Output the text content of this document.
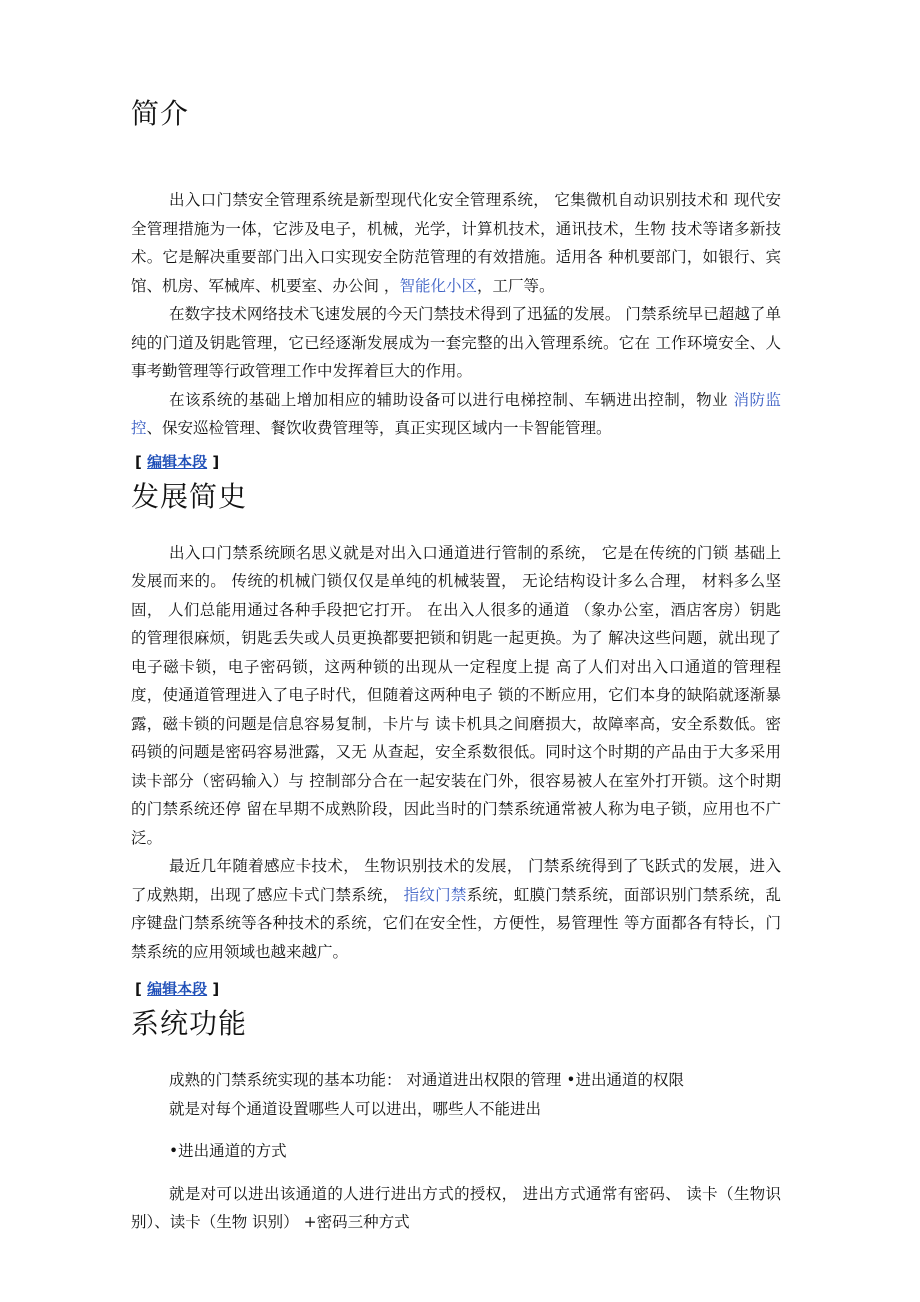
简介

出入口门禁安全管理系统是新型现代化安全管理系统， 它集微机自动识别技术和 现代安全管理措施为一体，它涉及电子，机械，光学，计算机技术，通讯技术，生物 技术等诸多新技术。它是解决重要部门出入口实现安全防范管理的有效措施。适用各 种机要部门，如银行、宾馆、机房、军械库、机要室、办公间 ，智能化小区，工厂等。

在数字技术网络技术飞速发展的今天门禁技术得到了迅猛的发展。 门禁系统早已超越了单纯的门道及钥匙管理，它已经逐渐发展成为一套完整的出入管理系统。它在 工作环境安全、人事考勤管理等行政管理工作中发挥着巨大的作用。

在该系统的基础上增加相应的辅助设备可以进行电梯控制、车辆进出控制，物业 消防监控、保安巡检管理、餐饮收费管理等，真正实现区域内一卡智能管理。

[ 编辑本段 ]
发展简史

出入口门禁系统顾名思义就是对出入口通道进行管制的系统， 它是在传统的门锁 基础上发展而来的。 传统的机械门锁仅仅是单纯的机械装置， 无论结构设计多么合理， 材料多么坚固， 人们总能用通过各种手段把它打开。 在出入人很多的通道 （象办公室，酒店客房）钥匙的管理很麻烦，钥匙丢失或人员更换都要把锁和钥匙一起更换。为了 解决这些问题，就出现了电子磁卡锁，电子密码锁，这两种锁的出现从一定程度上提 高了人们对出入口通道的管理程度，使通道管理进入了电子时代，但随着这两种电子 锁的不断应用，它们本身的缺陷就逐渐暴露，磁卡锁的问题是信息容易复制，卡片与 读卡机具之间磨损大，故障率高，安全系数低。密码锁的问题是密码容易泄露，又无 从查起，安全系数很低。同时这个时期的产品由于大多采用读卡部分（密码输入）与 控制部分合在一起安装在门外，很容易被人在室外打开锁。这个时期的门禁系统还停 留在早期不成熟阶段，因此当时的门禁系统通常被人称为电子锁，应用也不广泛。

最近几年随着感应卡技术， 生物识别技术的发展， 门禁系统得到了飞跃式的发展，进入了成熟期，出现了感应卡式门禁系统， 指纹门禁系统，虹膜门禁系统，面部识别门禁系统，乱序键盘门禁系统等各种技术的系统，它们在安全性，方便性，易管理性 等方面都各有特长，门禁系统的应用领域也越来越广。

[ 编辑本段 ]
系统功能

成熟的门禁系统实现的基本功能： 对通道进出权限的管理 •进出通道的权限

就是对每个通道设置哪些人可以进出，哪些人不能进出

•进出通道的方式

就是对可以进出该通道的人进行进出方式的授权， 进出方式通常有密码、 读卡（生物识别）、读卡（生物 识别） +密码三种方式
